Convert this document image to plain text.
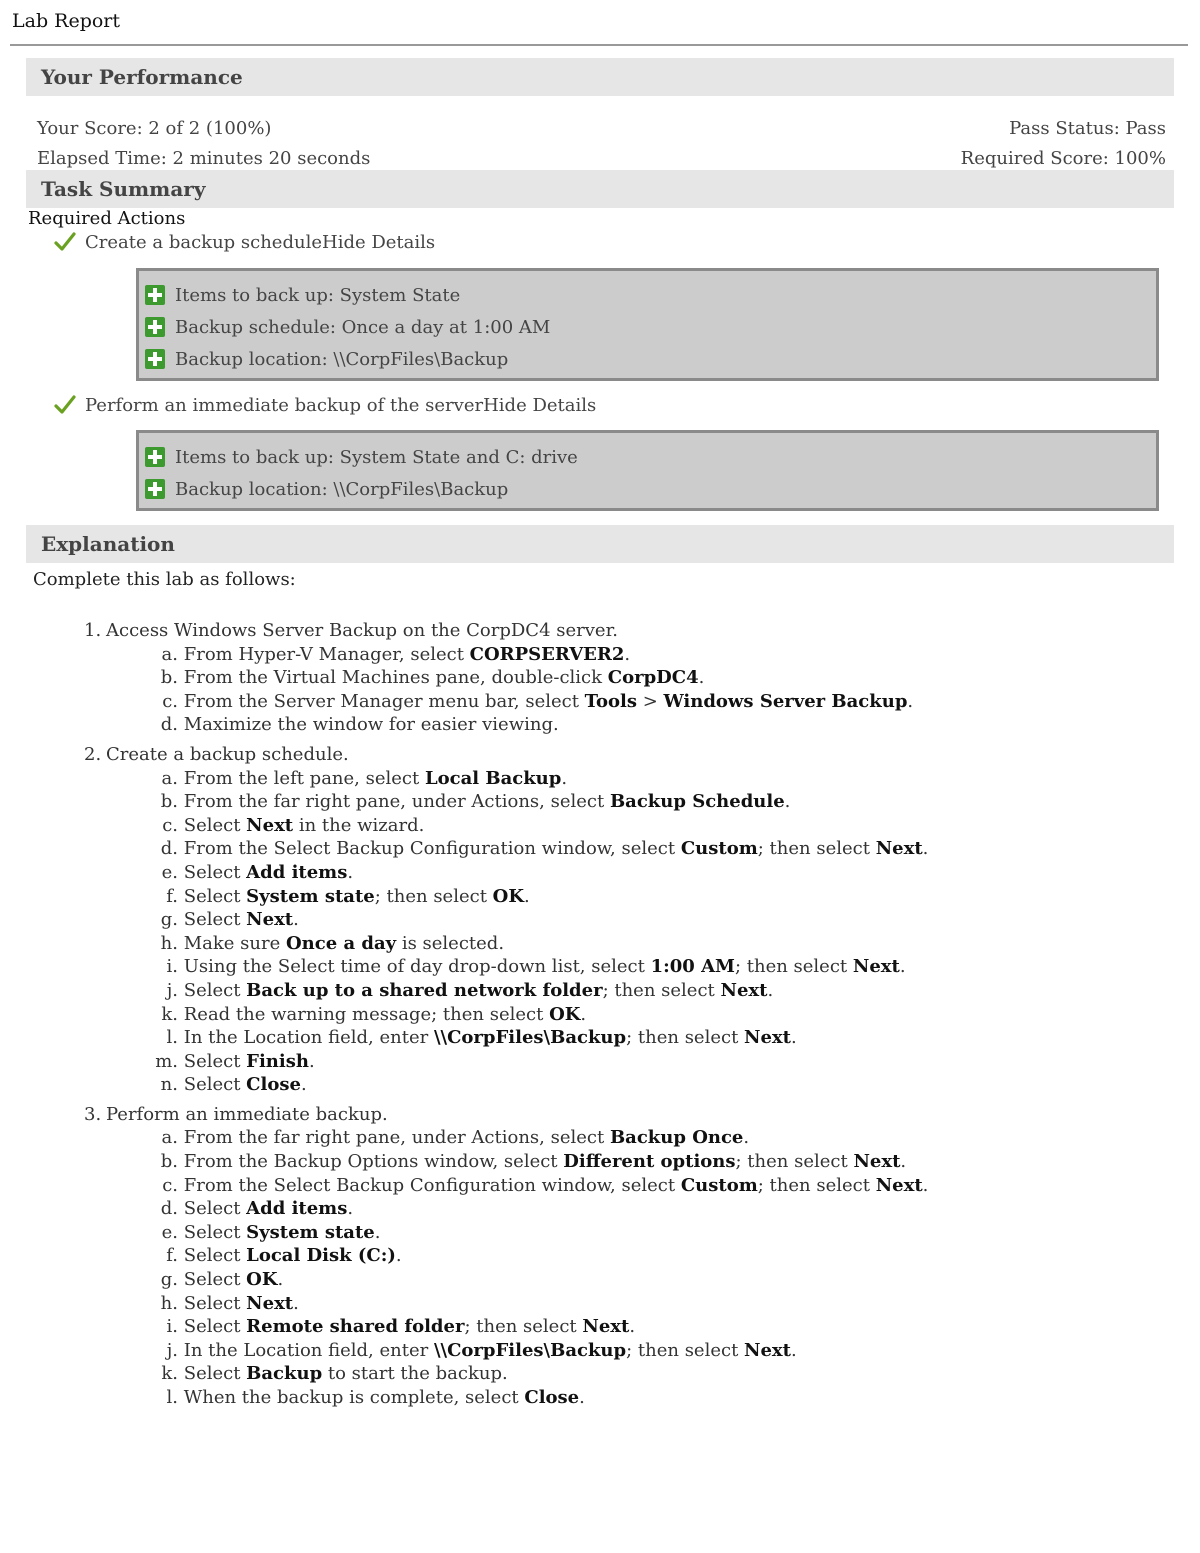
Lab Report
Your Performance
Your Score: 2 of 2 (100%)	Pass Status: Pass
Elapsed Time: 2 minutes 20 seconds	Required Score: 100%
Task Summary
Required Actions
Create a backup schedule Hide Details
Items to back up: System State
Backup schedule: Once a day at 1:00 AM
Backup location: \\CorpFiles\Backup
Perform an immediate backup of the server Hide Details
Items to back up: System State and C: drive
Backup location: \\CorpFiles\Backup
Explanation
Complete this lab as follows:
1. Access Windows Server Backup on the CorpDC4 server.
a. From Hyper-V Manager, select CORPSERVER2.
b. From the Virtual Machines pane, double-click CorpDC4.
c. From the Server Manager menu bar, select Tools > Windows Server Backup.
d. Maximize the window for easier viewing.
2. Create a backup schedule.
a. From the left pane, select Local Backup.
b. From the far right pane, under Actions, select Backup Schedule.
c. Select Next in the wizard.
d. From the Select Backup Configuration window, select Custom; then select Next.
e. Select Add items.
f. Select System state; then select OK.
g. Select Next.
h. Make sure Once a day is selected.
i. Using the Select time of day drop-down list, select 1:00 AM; then select Next.
j. Select Back up to a shared network folder; then select Next.
k. Read the warning message; then select OK.
l. In the Location field, enter \\CorpFiles\Backup; then select Next.
m. Select Finish.
n. Select Close.
3. Perform an immediate backup.
a. From the far right pane, under Actions, select Backup Once.
b. From the Backup Options window, select Different options; then select Next.
c. From the Select Backup Configuration window, select Custom; then select Next.
d. Select Add items.
e. Select System state.
f. Select Local Disk (C:).
g. Select OK.
h. Select Next.
i. Select Remote shared folder; then select Next.
j. In the Location field, enter \\CorpFiles\Backup; then select Next.
k. Select Backup to start the backup.
l. When the backup is complete, select Close.
